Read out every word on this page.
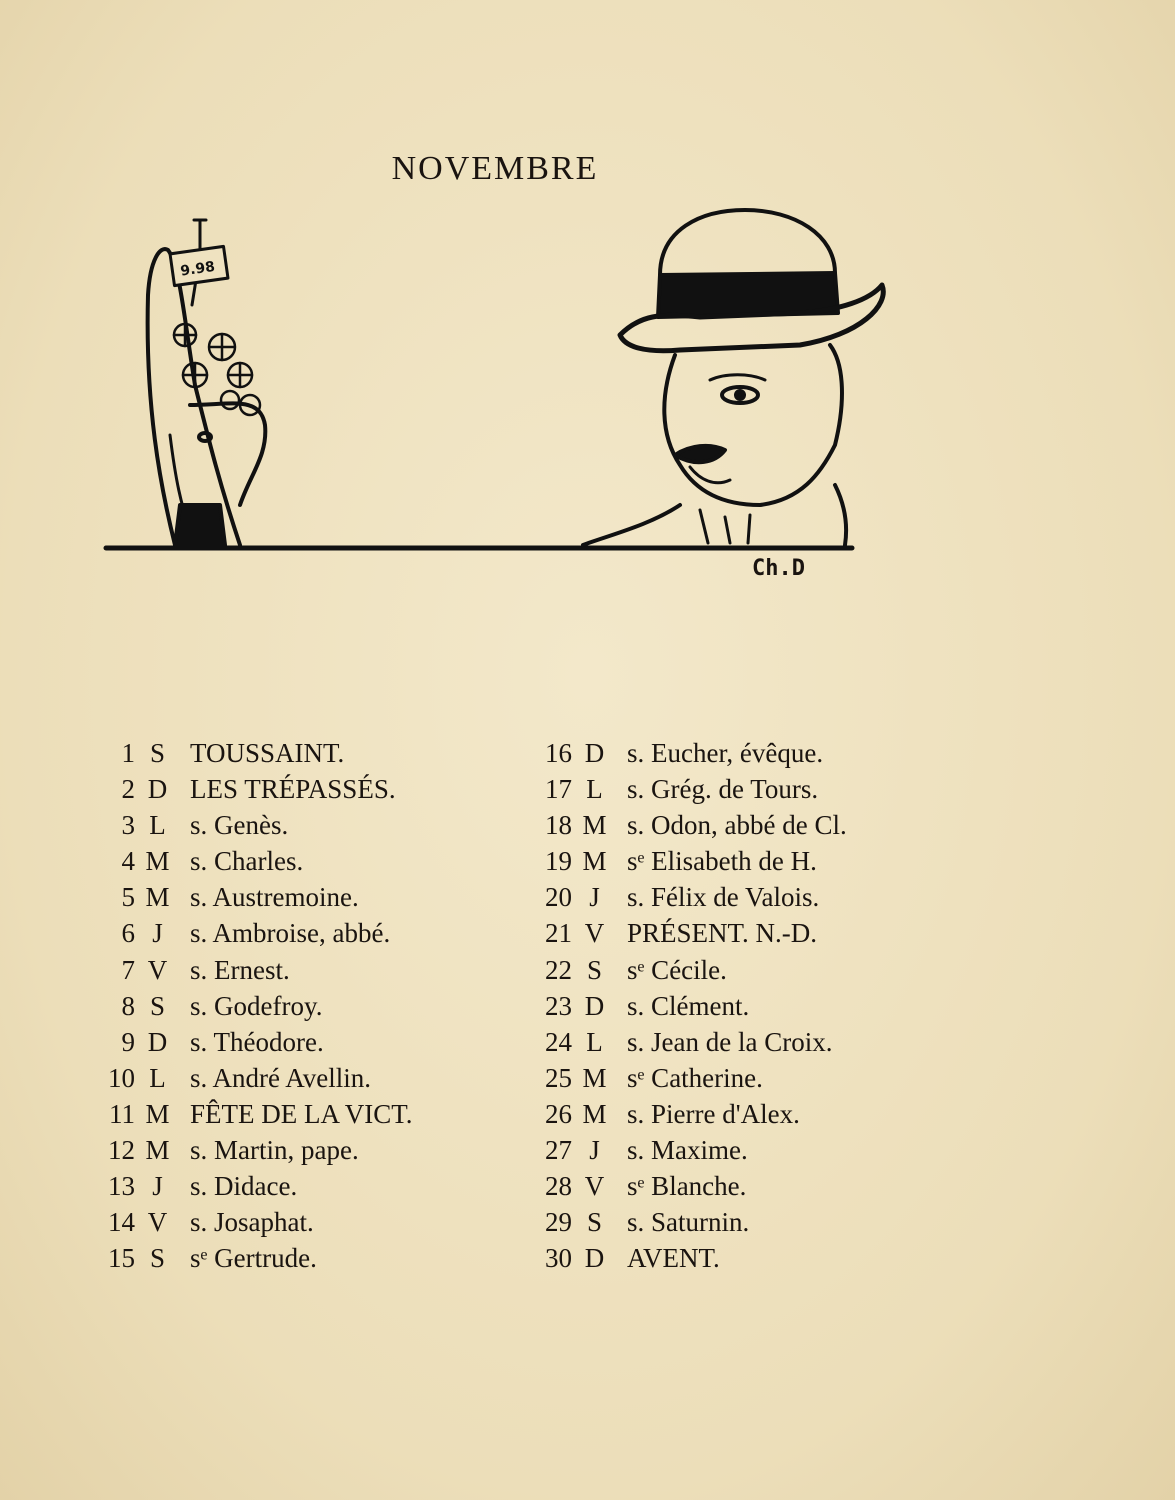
NOVEMBRE
9.98
Ch.D
1 S TOUSSAINT.
2 D LES TRÉPASSÉS.
3 L s. Genès.
4 M s. Charles.
5 M s. Austremoine.
6 J	s. Ambroise, abbé.
7 V s. Ernest.
8 S s. Godefroy.
9 D s. Théodore.
10 L s. André Avellin.
11 M FÊTE DE LA VICT.
12 M s. Martin, pape.
13 J	s. Didace.
14 V s. Josaphat.
15 S sᵉ Gertrude.
16 D s. Eucher, évêque.
17 L s. Grég. de Tours.
18 M s. Odon, abbé de Cl.
19 M sᵉ Elisabeth de H.
20 J	s. Félix de Valois.
21 V PRÉSENT. N.-D.
22 S sᵉ Cécile.
23 D s. Clément.
24 L s. Jean de la Croix.
25 M sᵉ Catherine.
26 M s. Pierre d'Alex.
27 J	s. Maxime.
28 V sᵉ Blanche.
29 S s. Saturnin.
30 D AVENT.
